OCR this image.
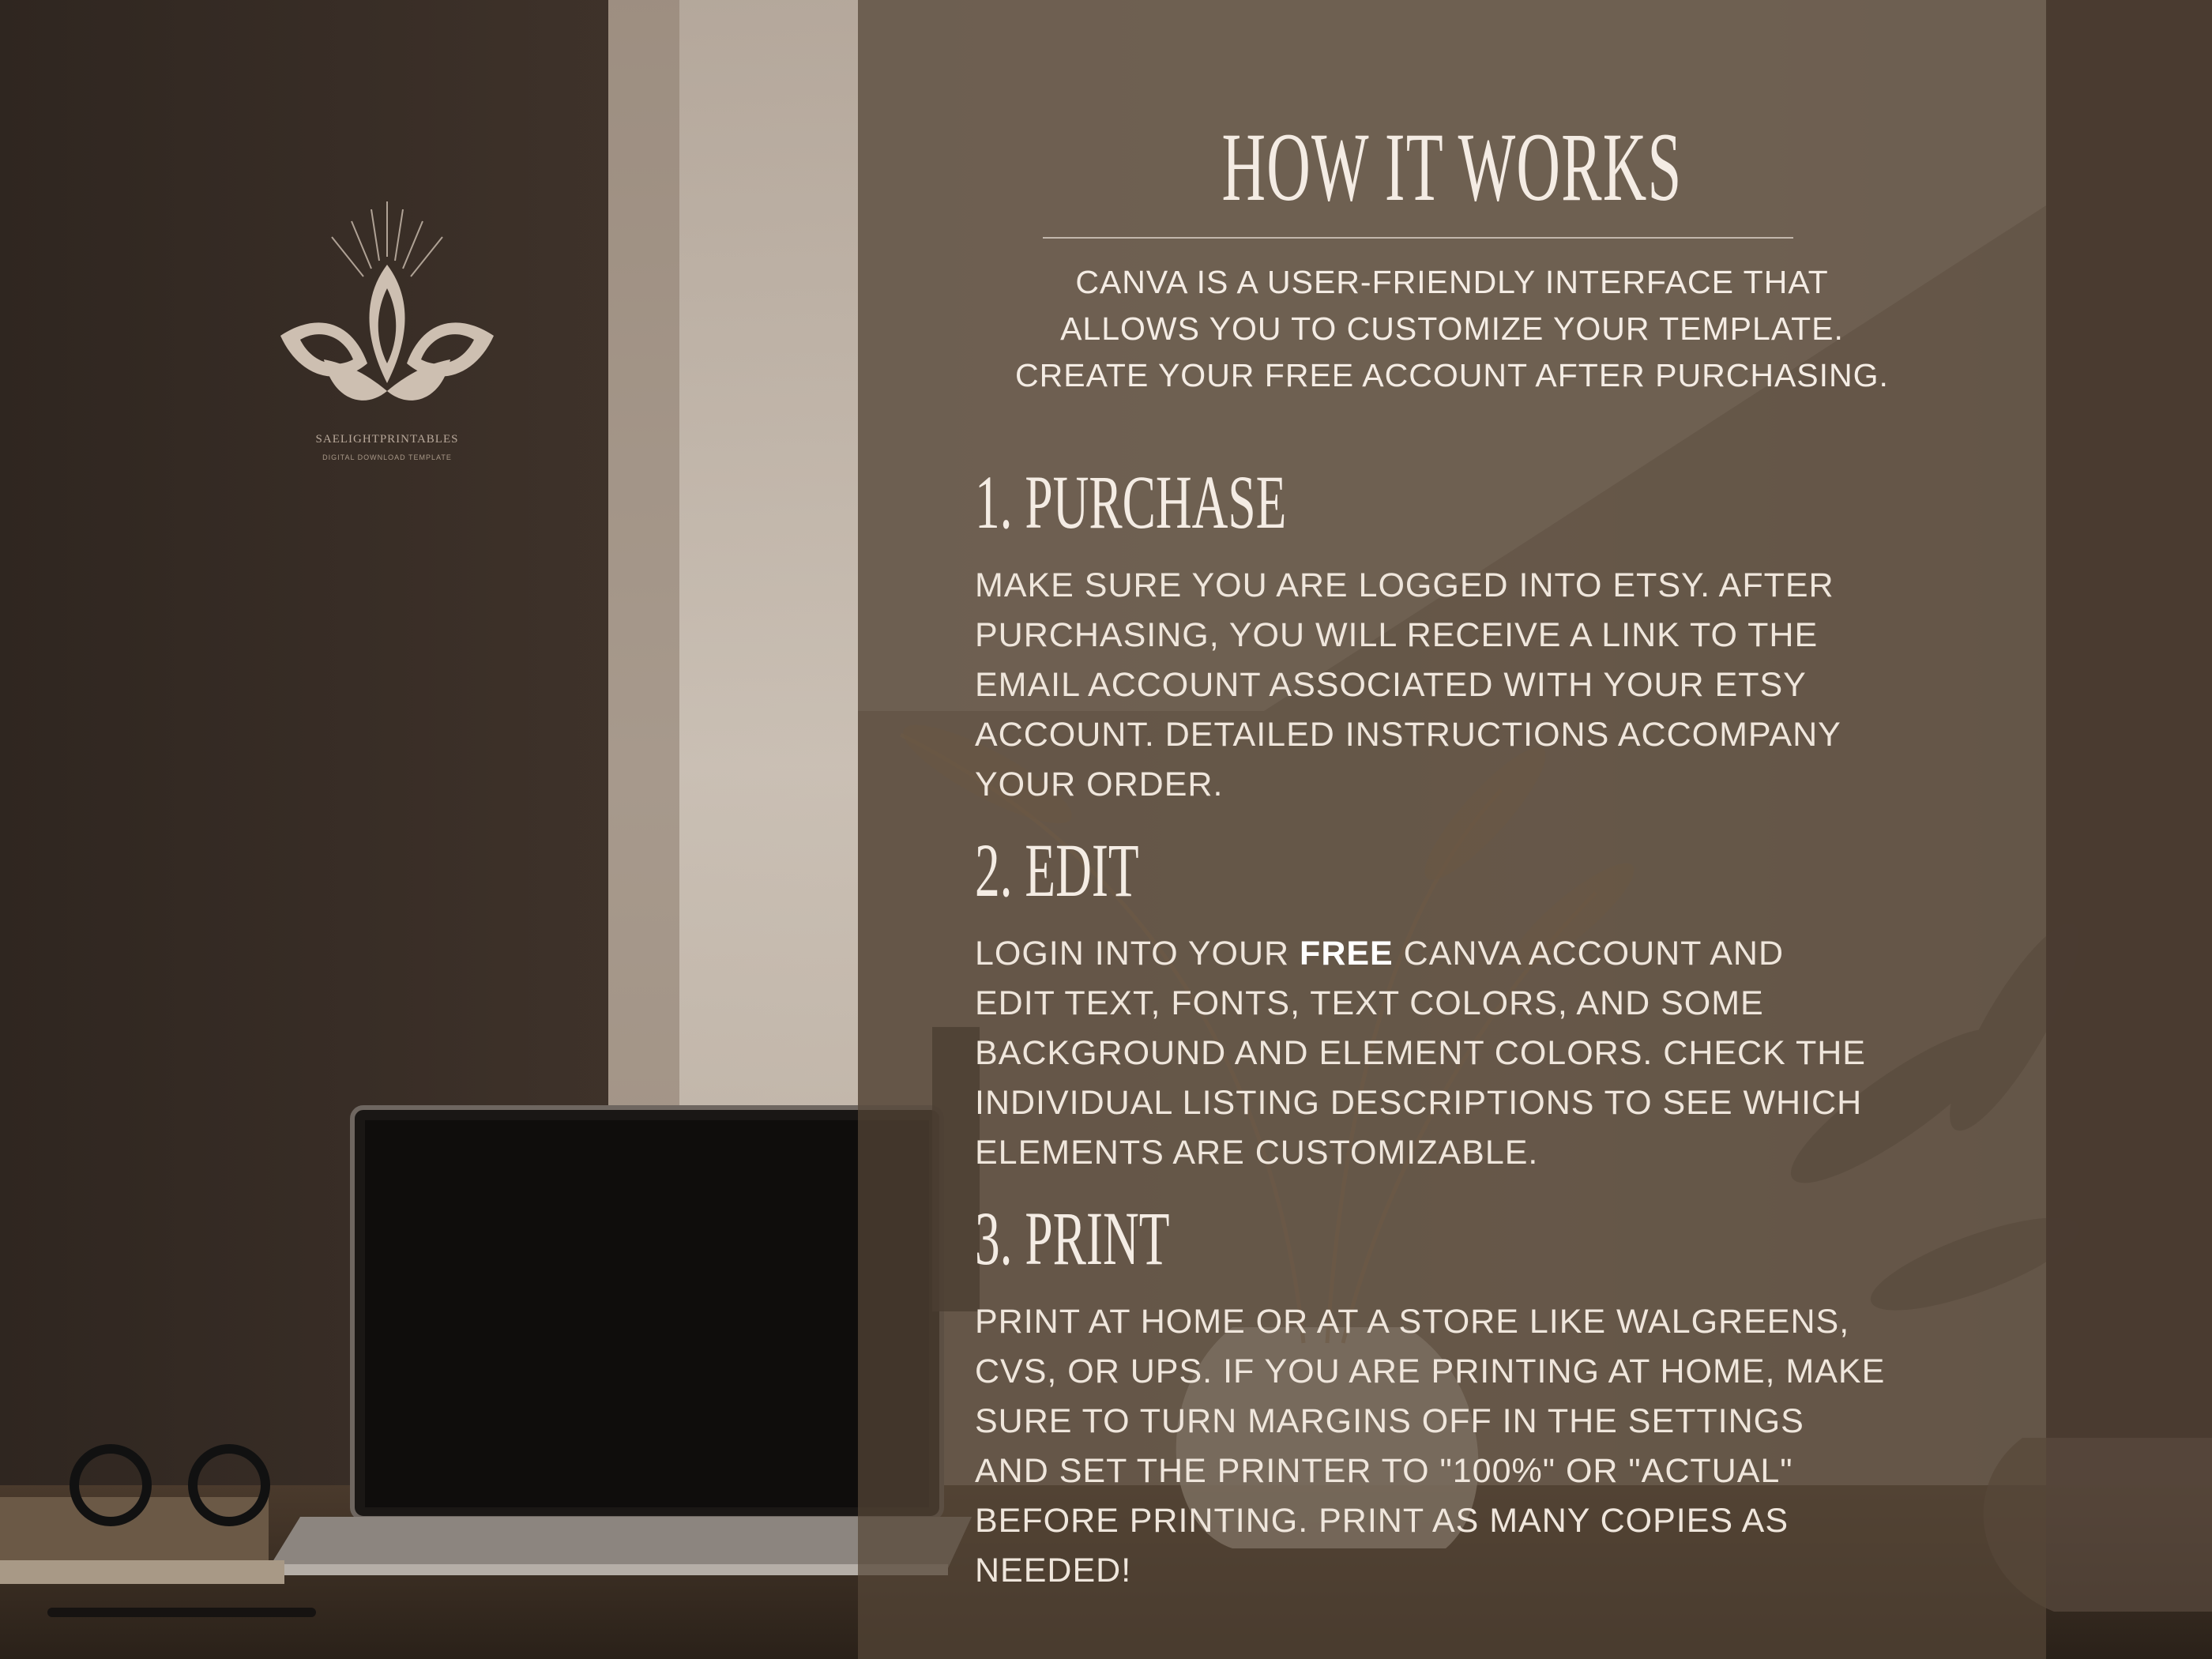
SAELIGHTPRINTABLES
DIGITAL DOWNLOAD TEMPLATE
HOW IT WORKS

CANVA IS A USER-FRIENDLY INTERFACE THAT

ALLOWS YOU TO CUSTOMIZE YOUR TEMPLATE.

CREATE YOUR FREE ACCOUNT AFTER PURCHASING.

1. PURCHASE

MAKE SURE YOU ARE LOGGED INTO ETSY. AFTER

PURCHASING, YOU WILL RECEIVE A LINK TO THE

EMAIL ACCOUNT ASSOCIATED WITH YOUR ETSY

ACCOUNT. DETAILED INSTRUCTIONS ACCOMPANY

YOUR ORDER.

2. EDIT

LOGIN INTO YOUR FREE CANVA ACCOUNT AND

EDIT TEXT, FONTS, TEXT COLORS, AND SOME

BACKGROUND AND ELEMENT COLORS. CHECK THE

INDIVIDUAL LISTING DESCRIPTIONS TO SEE WHICH

ELEMENTS ARE CUSTOMIZABLE.

3. PRINT

PRINT AT HOME OR AT A STORE LIKE WALGREENS,

CVS, OR UPS. IF YOU ARE PRINTING AT HOME, MAKE

SURE TO TURN MARGINS OFF IN THE SETTINGS

AND SET THE PRINTER TO "100%" OR "ACTUAL"

BEFORE PRINTING. PRINT AS MANY COPIES AS

NEEDED!
